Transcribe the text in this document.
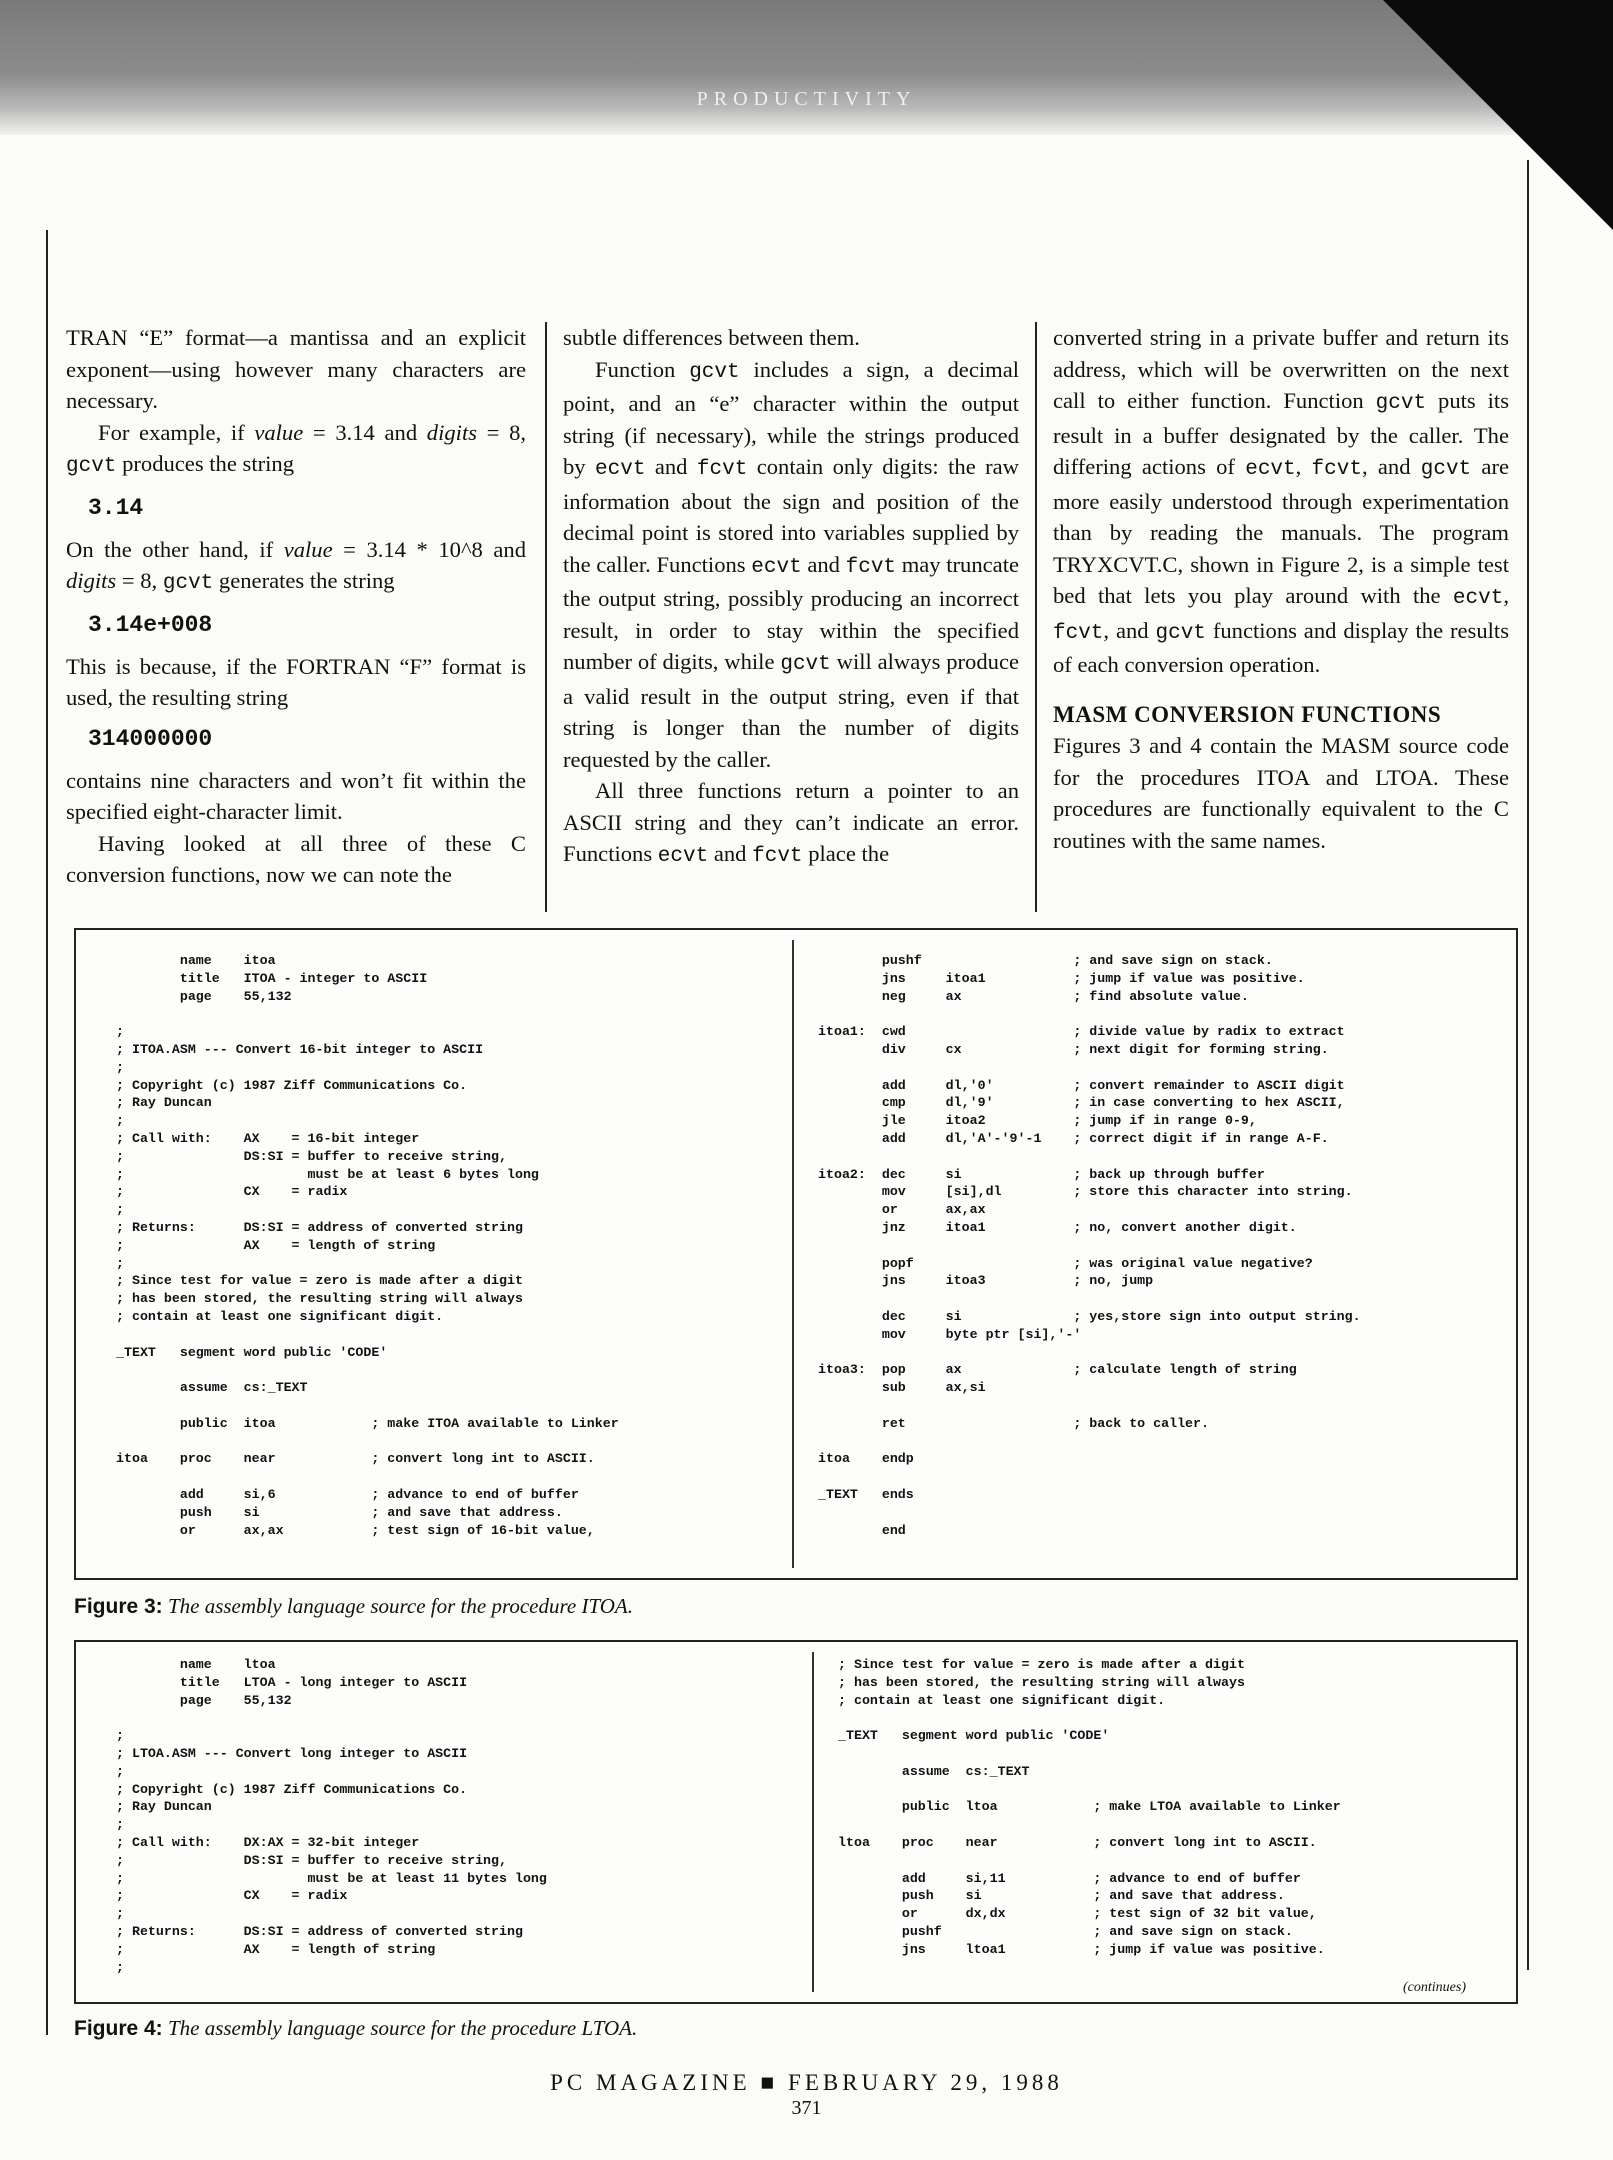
PRODUCTIVITY

TRAN “E” format—a mantissa and an explicit exponent—using however many characters are necessary.

For example, if value = 3.14 and digits = 8, gcvt produces the string

3.14

On the other hand, if value = 3.14 * 10^8 and digits = 8, gcvt generates the string

3.14e+008

This is because, if the FORTRAN “F” format is used, the resulting string

314000000

contains nine characters and won’t fit within the specified eight-character limit.

Having looked at all three of these C conversion functions, now we can note the

subtle differences between them.

Function gcvt includes a sign, a decimal point, and an “e” character within the output string (if necessary), while the strings produced by ecvt and fcvt contain only digits: the raw information about the sign and position of the decimal point is stored into variables supplied by the caller. Functions ecvt and fcvt may truncate the output string, possibly producing an incorrect result, in order to stay within the specified number of digits, while gcvt will always produce a valid result in the output string, even if that string is longer than the number of digits requested by the caller.

All three functions return a pointer to an ASCII string and they can’t indicate an error. Functions ecvt and fcvt place the

converted string in a private buffer and return its address, which will be overwritten on the next call to either function. Function gcvt puts its result in a buffer designated by the caller. The differing actions of ecvt, fcvt, and gcvt are more easily understood through experimentation than by reading the manuals. The program TRYXCVT.C, shown in Figure 2, is a simple test bed that lets you play around with the ecvt, fcvt, and gcvt functions and display the results of each conversion operation.

MASM CONVERSION FUNCTIONS

Figures 3 and 4 contain the MASM source code for the procedures ITOA and LTOA. These procedures are functionally equivalent to the C routines with the same names.

name    itoa
title   ITOA - integer to ASCII
page    55,132

;
; ITOA.ASM --- Convert 16-bit integer to ASCII
;
; Copyright (c) 1987 Ziff Communications Co.
; Ray Duncan
;
; Call with:    AX    = 16-bit integer
;               DS:SI = buffer to receive string,
;                       must be at least 6 bytes long
;               CX    = radix
;
; Returns:      DS:SI = address of converted string
;               AX    = length of string
;
; Since test for value = zero is made after a digit
; has been stored, the resulting string will always
; contain at least one significant digit.

_TEXT   segment word public 'CODE'

assume  cs:_TEXT

public  itoa            ; make ITOA available to Linker

itoa    proc    near            ; convert long int to ASCII.

add     si,6            ; advance to end of buffer
push    si              ; and save that address.
or      ax,ax           ; test sign of 16-bit value,
pushf                   ; and save sign on stack.
jns     itoa1           ; jump if value was positive.
neg     ax              ; find absolute value.

itoa1:  cwd                     ; divide value by radix to extract
div     cx              ; next digit for forming string.

add     dl,'0'          ; convert remainder to ASCII digit
cmp     dl,'9'          ; in case converting to hex ASCII,
jle     itoa2           ; jump if in range 0-9,
add     dl,'A'-'9'-1    ; correct digit if in range A-F.

itoa2:  dec     si              ; back up through buffer
mov     [si],dl         ; store this character into string.
or      ax,ax
jnz     itoa1           ; no, convert another digit.

popf                    ; was original value negative?
jns     itoa3           ; no, jump

dec     si              ; yes,store sign into output string.
mov     byte ptr [si],'-'

itoa3:  pop     ax              ; calculate length of string
sub     ax,si

ret                     ; back to caller.

itoa    endp

_TEXT   ends

end
Figure 3: The assembly language source for the procedure ITOA.
name    ltoa
title   LTOA - long integer to ASCII
page    55,132

;
; LTOA.ASM --- Convert long integer to ASCII
;
; Copyright (c) 1987 Ziff Communications Co.
; Ray Duncan
;
; Call with:    DX:AX = 32-bit integer
;               DS:SI = buffer to receive string,
;                       must be at least 11 bytes long
;               CX    = radix
;
; Returns:      DS:SI = address of converted string
;               AX    = length of string
;
; Since test for value = zero is made after a digit
; has been stored, the resulting string will always
; contain at least one significant digit.

_TEXT   segment word public 'CODE'

assume  cs:_TEXT

public  ltoa            ; make LTOA available to Linker

ltoa    proc    near            ; convert long int to ASCII.

add     si,11           ; advance to end of buffer
push    si              ; and save that address.
or      dx,dx           ; test sign of 32 bit value,
pushf                   ; and save sign on stack.
jns     ltoa1           ; jump if value was positive.
(continues)
Figure 4: The assembly language source for the procedure LTOA.
PC MAGAZINE ■ FEBRUARY 29, 1988
371
